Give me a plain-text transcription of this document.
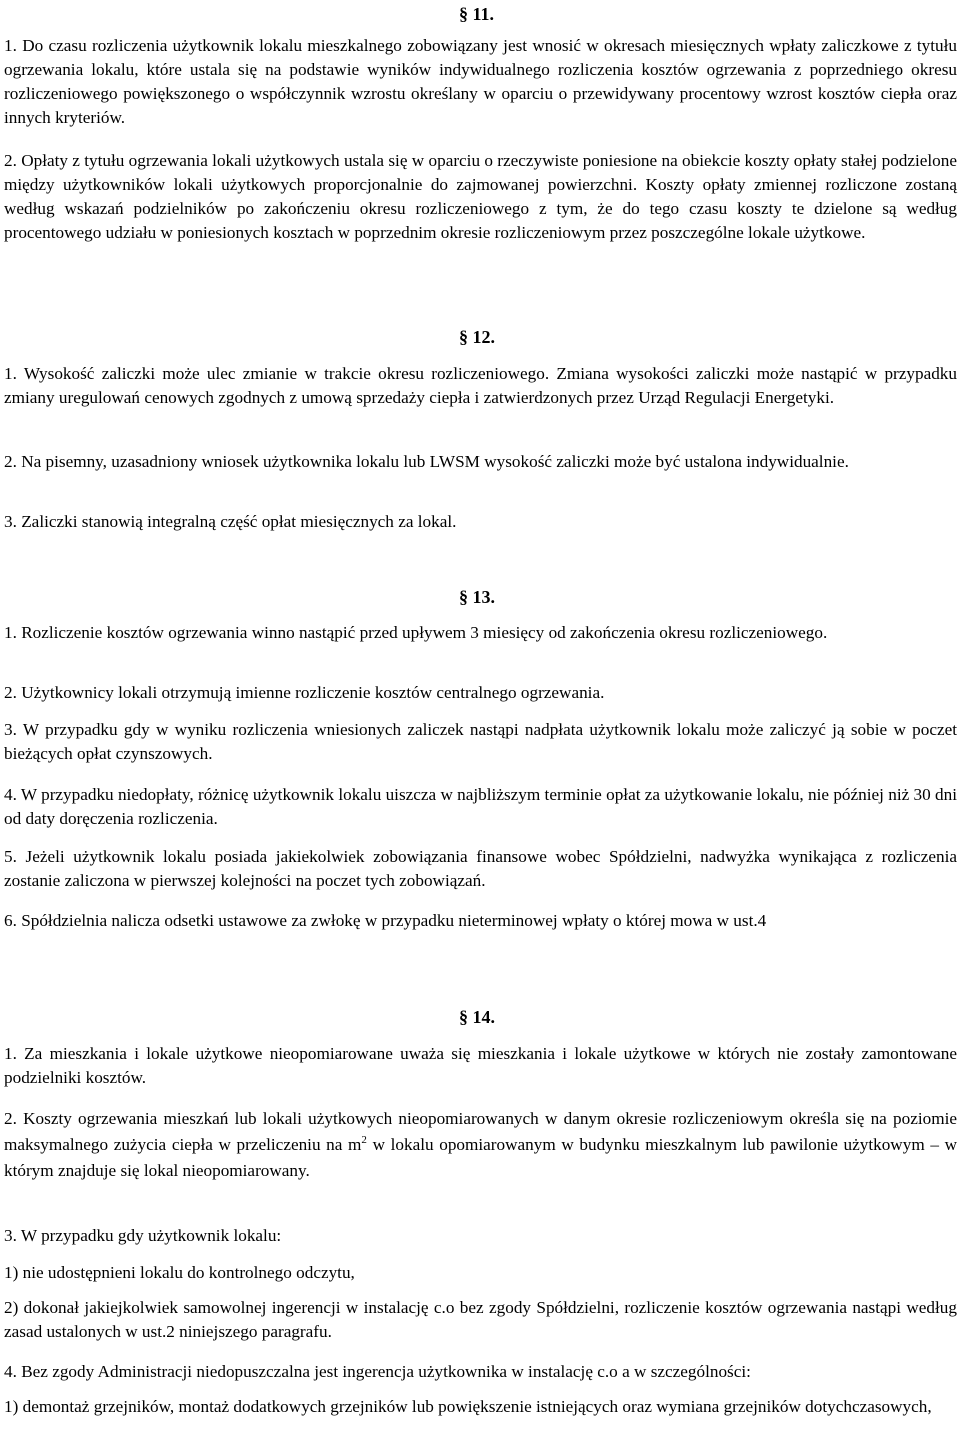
§ 11.

1. Do czasu rozliczenia użytkownik lokalu mieszkalnego zobowiązany jest wnosić w okresach miesięcznych wpłaty zaliczkowe z tytułu ogrzewania lokalu, które ustala się na podstawie wyników indywidualnego rozliczenia kosztów ogrzewania z poprzedniego okresu rozliczeniowego powiększonego o współczynnik wzrostu określany w oparciu o przewidywany procentowy wzrost kosztów ciepła oraz innych kryteriów.

2. Opłaty z tytułu ogrzewania lokali użytkowych ustala się w oparciu o rzeczywiste poniesione na obiekcie koszty opłaty stałej podzielone między użytkowników lokali użytkowych proporcjonalnie do zajmowanej powierzchni. Koszty opłaty zmiennej rozliczone zostaną według wskazań podzielników po zakończeniu okresu rozliczeniowego z tym, że do tego czasu koszty te dzielone są według procentowego udziału w poniesionych kosztach w poprzednim okresie rozliczeniowym przez poszczególne lokale użytkowe.

§ 12.

1. Wysokość zaliczki może ulec zmianie w trakcie okresu rozliczeniowego. Zmiana wysokości zaliczki może nastąpić w przypadku zmiany uregulowań cenowych zgodnych z umową sprzedaży ciepła i zatwierdzonych przez Urząd Regulacji Energetyki.

2. Na pisemny, uzasadniony wniosek użytkownika lokalu lub LWSM wysokość zaliczki może być ustalona indywidualnie.

3. Zaliczki stanowią integralną część opłat miesięcznych za lokal.

§ 13.

1. Rozliczenie kosztów ogrzewania winno nastąpić przed upływem 3 miesięcy od zakończenia okresu rozliczeniowego.

2. Użytkownicy lokali otrzymują imienne rozliczenie kosztów centralnego ogrzewania.

3. W przypadku gdy w wyniku rozliczenia wniesionych zaliczek nastąpi nadpłata użytkownik lokalu może zaliczyć ją sobie w poczet bieżących opłat czynszowych.

4. W przypadku niedopłaty, różnicę użytkownik lokalu uiszcza w najbliższym terminie opłat za użytkowanie lokalu, nie później niż 30 dni od daty doręczenia rozliczenia.

5. Jeżeli użytkownik lokalu posiada jakiekolwiek zobowiązania finansowe wobec Spółdzielni, nadwyżka wynikająca z rozliczenia zostanie zaliczona w pierwszej kolejności na poczet tych zobowiązań.

6. Spółdzielnia nalicza odsetki ustawowe za zwłokę w przypadku nieterminowej wpłaty o której mowa w ust.4

§ 14.

1. Za mieszkania i lokale użytkowe nieopomiarowane uważa się mieszkania i lokale użytkowe w których nie zostały zamontowane podzielniki kosztów.

2. Koszty ogrzewania mieszkań lub lokali użytkowych nieopomiarowanych w danym okresie rozliczeniowym określa się na poziomie maksymalnego zużycia ciepła w przeliczeniu na $m^2$ w lokalu opomiarowanym w budynku mieszkalnym lub pawilonie użytkowym – w którym znajduje się lokal nieopomiarowany.

3. W przypadku gdy użytkownik lokalu:

1) nie udostępnieni lokalu do kontrolnego odczytu,

2) dokonał jakiejkolwiek samowolnej ingerencji w instalację c.o bez zgody Spółdzielni, rozliczenie kosztów ogrzewania nastąpi według zasad ustalonych w ust.2 niniejszego paragrafu.

4. Bez zgody Administracji niedopuszczalna jest ingerencja użytkownika w instalację c.o a w szczególności:

1) demontaż grzejników, montaż dodatkowych grzejników lub powiększenie istniejących oraz wymiana grzejników dotychczasowych,
